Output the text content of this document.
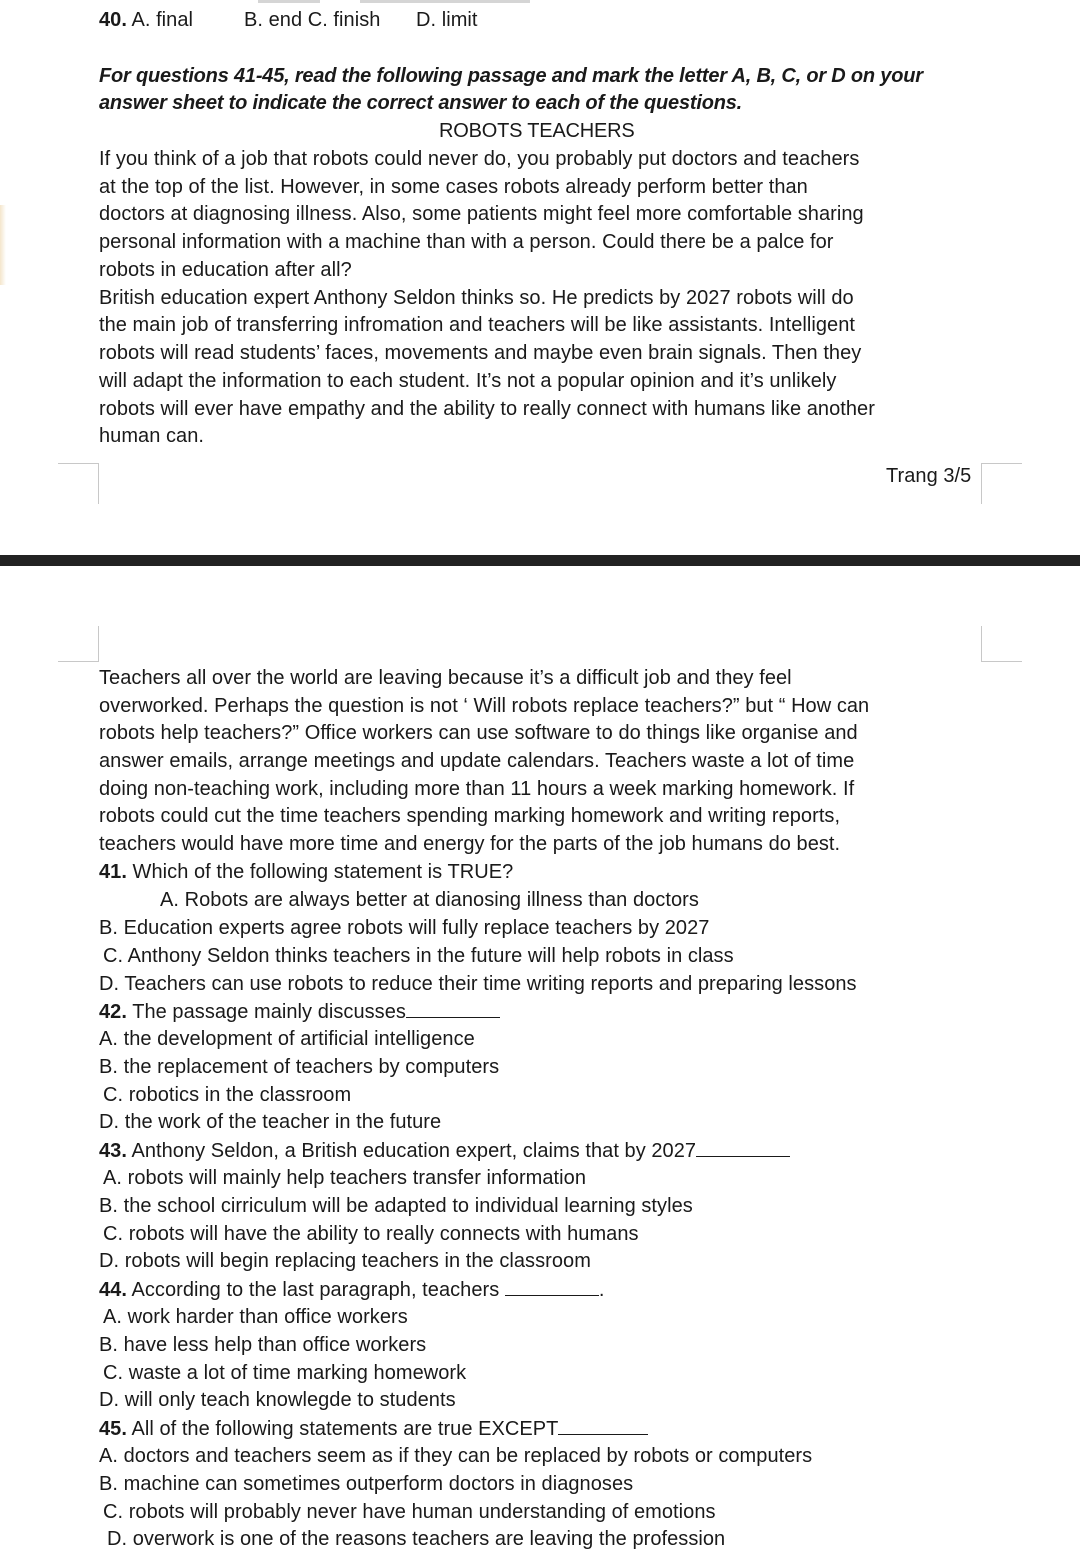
40. A. final	B. end C. finish D. limit
For questions 41-45, read the following passage and mark the letter A, B, C, or D on your
answer sheet to indicate the correct answer to each of the questions.
ROBOTS TEACHERS
If you think of a job that robots could never do, you probably put doctors and teachers
at the top of the list. However, in some cases robots already perform better than
doctors at diagnosing illness. Also, some patients might feel more comfortable sharing
personal information with a machine than with a person. Could there be a palce for
robots in education after all?
British education expert Anthony Seldon thinks so. He predicts by 2027 robots will do
the main job of transferring infromation and teachers will be like assistants. Intelligent
robots will read students’ faces, movements and maybe even brain signals. Then they
will adapt the information to each student. It’s not a popular opinion and it’s unlikely
robots will ever have empathy and the ability to really connect with humans like another
human can.
Trang 3/5
Teachers all over the world are leaving because it’s a difficult job and they feel
overworked. Perhaps the question is not ‘ Will robots replace teachers?” but “ How can
robots help teachers?” Office workers can use software to do things like organise and
answer emails, arrange meetings and update calendars. Teachers waste a lot of time
doing non-teaching work, including more than 11 hours a week marking homework. If
robots could cut the time teachers spending marking homework and writing reports,
teachers would have more time and energy for the parts of the job humans do best.
41. Which of the following statement is TRUE?
A. Robots are always better at dianosing illness than doctors
B. Education experts agree robots will fully replace teachers by 2027
C. Anthony Seldon thinks teachers in the future will help robots in class
D. Teachers can use robots to reduce their time writing reports and preparing lessons
42. The passage mainly discusses
A. the development of artificial intelligence
B. the replacement of teachers by computers
C. robotics in the classroom
D. the work of the teacher in the future
43. Anthony Seldon, a British education expert, claims that by 2027
A. robots will mainly help teachers transfer information
B. the school cirriculum will be adapted to individual learning styles
C. robots will have the ability to really connects with humans
D. robots will begin replacing teachers in the classroom
44. According to the last paragraph, teachers	.
A. work harder than office workers
B. have less help than office workers
C. waste a lot of time marking homework
D. will only teach knowlegde to students
45. All of the following statements are true EXCEPT
A. doctors and teachers seem as if they can be replaced by robots or computers
B. machine can sometimes outperform doctors in diagnoses
C. robots will probably never have human understanding of emotions
D. overwork is one of the reasons teachers are leaving the profession
